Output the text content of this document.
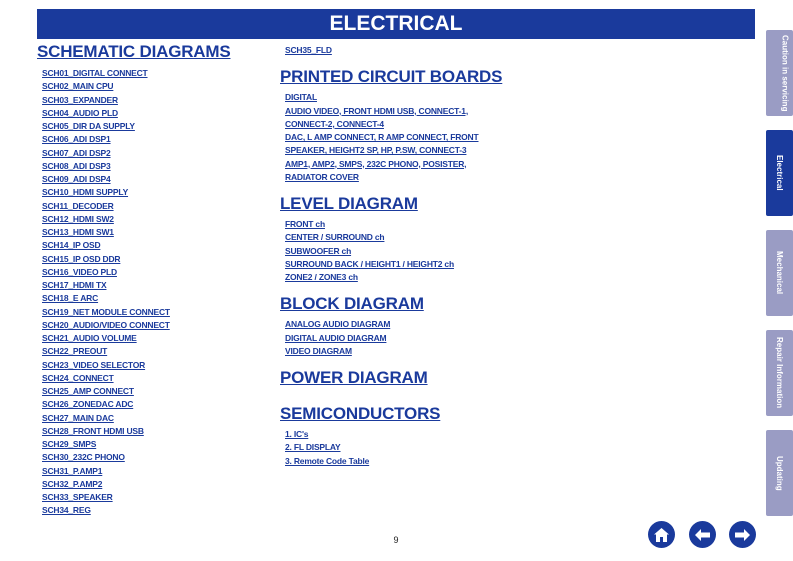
ELECTRICAL
SCHEMATIC DIAGRAMS
SCH01_DIGITAL CONNECT
SCH02_MAIN CPU
SCH03_EXPANDER
SCH04_AUDIO PLD
SCH05_DIR DA SUPPLY
SCH06_ADI DSP1
SCH07_ADI DSP2
SCH08_ADI DSP3
SCH09_ADI DSP4
SCH10_HDMI SUPPLY
SCH11_DECODER
SCH12_HDMI SW2
SCH13_HDMI SW1
SCH14_IP OSD
SCH15_IP OSD DDR
SCH16_VIDEO PLD
SCH17_HDMI TX
SCH18_E ARC
SCH19_NET MODULE CONNECT
SCH20_AUDIO/VIDEO CONNECT
SCH21_AUDIO VOLUME
SCH22_PREOUT
SCH23_VIDEO SELECTOR
SCH24_CONNECT
SCH25_AMP CONNECT
SCH26_ZONEDAC ADC
SCH27_MAIN DAC
SCH28_FRONT HDMI USB
SCH29_SMPS
SCH30_232C PHONO
SCH31_P.AMP1
SCH32_P.AMP2
SCH33_SPEAKER
SCH34_REG
SCH35_FLD
PRINTED CIRCUIT BOARDS
DIGITAL
AUDIO VIDEO, FRONT HDMI USB, CONNECT-1,
CONNECT-2, CONNECT-4
DAC, L AMP CONNECT, R AMP CONNECT, FRONT
SPEAKER, HEIGHT2 SP, HP, P.SW, CONNECT-3
AMP1, AMP2, SMPS, 232C PHONO, POSISTER,
RADIATOR COVER
LEVEL DIAGRAM
FRONT ch
CENTER / SURROUND ch
SUBWOOFER ch
SURROUND BACK / HEIGHT1 / HEIGHT2 ch
ZONE2 / ZONE3 ch
BLOCK DIAGRAM
ANALOG AUDIO DIAGRAM
DIGITAL AUDIO DIAGRAM
VIDEO DIAGRAM
POWER DIAGRAM
SEMICONDUCTORS
1. IC's
2. FL DISPLAY
3. Remote Code Table
Caution in servicing
Electrical
Mechanical
Repair Information
Updating
9
